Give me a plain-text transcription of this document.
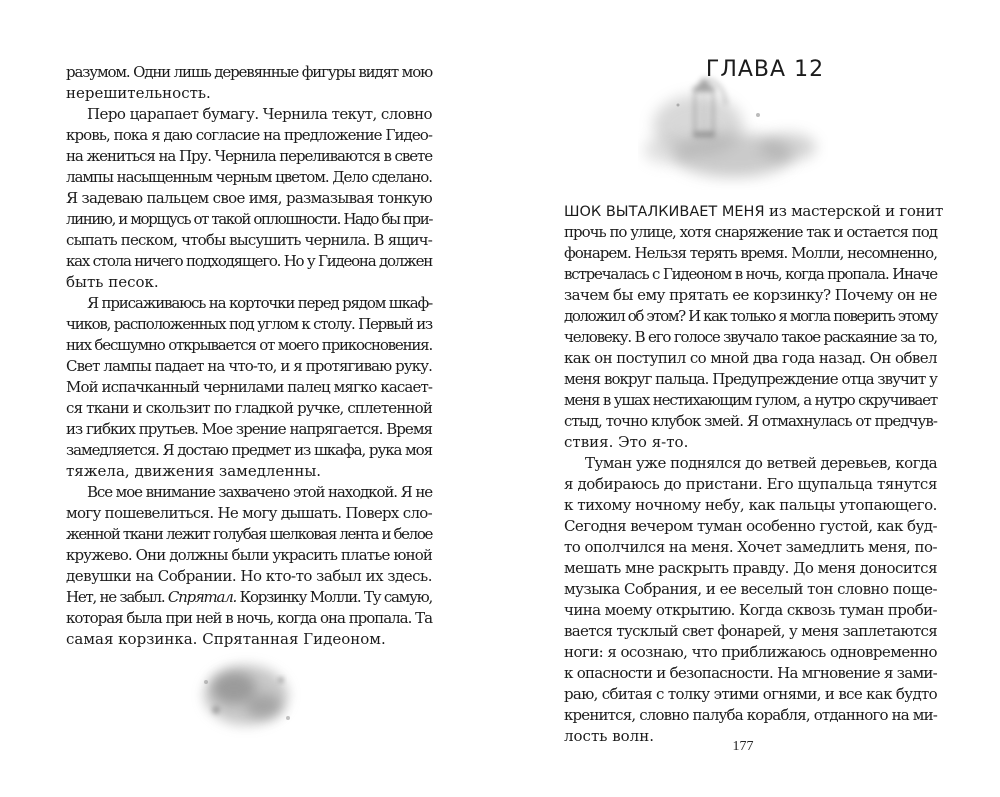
разумом. Одни лишь деревянные фигуры видят мою
нерешительность.
Перо царапает бумагу. Чернила текут, словно
кровь, пока я даю согласие на предложение Гидео-
на жениться на Пру. Чернила переливаются в свете
лампы насыщенным черным цветом. Дело сделано.
Я задеваю пальцем свое имя, размазывая тонкую
линию, и морщусь от такой оплошности. Надо бы при-
сыпать песком, чтобы высушить чернила. В ящич-
ках стола ничего подходящего. Но у Гидеона должен
быть песок.
Я присаживаюсь на корточки перед рядом шкаф-
чиков, расположенных под углом к столу. Первый из
них бесшумно открывается от моего прикосновения.
Свет лампы падает на что-то, и я протягиваю руку.
Мой испачканный чернилами палец мягко касает-
ся ткани и скользит по гладкой ручке, сплетенной
из гибких прутьев. Мое зрение напрягается. Время
замедляется. Я достаю предмет из шкафа, рука моя
тяжела, движения замедленны.
Все мое внимание захвачено этой находкой. Я не
могу пошевелиться. Не могу дышать. Поверх сло-
женной ткани лежит голубая шелковая лента и белое
кружево. Они должны были украсить платье юной
девушки на Собрании. Но кто-то забыл их здесь.
Нет, не забыл. Спрятал. Корзинку Молли. Ту самую,
которая была при ней в ночь, когда она пропала. Та
самая корзинка. Спрятанная Гидеоном.
ГЛАВА 12
ШОК ВЫТАЛКИВАЕТ МЕНЯ из мастерской и гонит
прочь по улице, хотя снаряжение так и остается под
фонарем. Нельзя терять время. Молли, несомненно,
встречалась с Гидеоном в ночь, когда пропала. Иначе
зачем бы ему прятать ее корзинку? Почему он не
доложил об этом? И как только я могла поверить этому
человеку. В его голосе звучало такое раскаяние за то,
как он поступил со мной два года назад. Он обвел
меня вокруг пальца. Предупреждение отца звучит у
меня в ушах нестихающим гулом, а нутро скручивает
стыд, точно клубок змей. Я отмахнулась от предчув-
ствия. Это я-то.
Туман уже поднялся до ветвей деревьев, когда
я добираюсь до пристани. Его щупальца тянутся
к тихому ночному небу, как пальцы утопающего.
Сегодня вечером туман особенно густой, как буд-
то ополчился на меня. Хочет замедлить меня, по-
мешать мне раскрыть правду. До меня доносится
музыка Собрания, и ее веселый тон словно поще-
чина моему открытию. Когда сквозь туман проби-
вается тусклый свет фонарей, у меня заплетаются
ноги: я осознаю, что приближаюсь одновременно
к опасности и безопасности. На мгновение я зами-
раю, сбитая с толку этими огнями, и все как будто
кренится, словно палуба корабля, отданного на ми-
лость волн.
177
